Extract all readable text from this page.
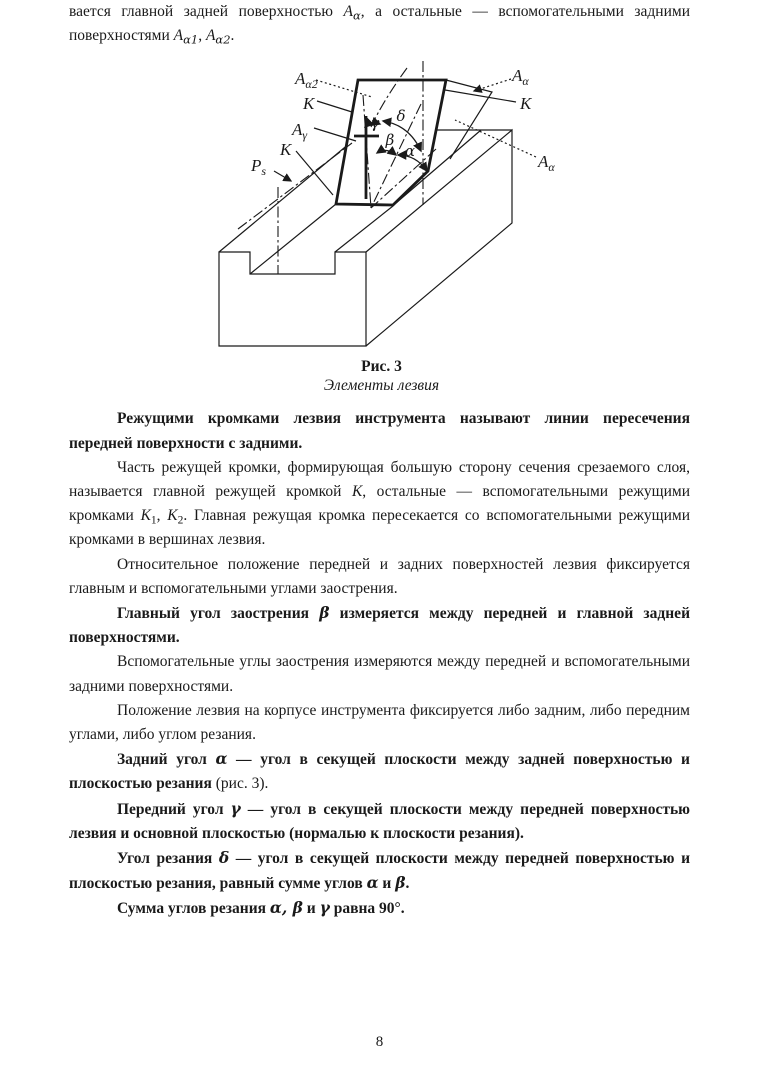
вается главной задней поверхностью $A_\alpha$, а остальные — вспомогательными задними поверхностями $A_{\alpha 1}$, $A_{\alpha 2}$.

$A_{\alpha 2}$
K
$A_\gamma$
K
$P_s$
$A_\alpha$
K
$A_\alpha$
γ δ
β
α
Рис. 3
Элементы лезвия

Режущими кромками лезвия инструмента называют линии пересечения передней поверхности с задними.

Часть режущей кромки, формирующая большую сторону сечения срезаемого слоя, называется главной режущей кромкой К, остальные — вспомогательными режущими кромками $К_1$, $К_2$. Главная режущая кромка пересекается со вспомогательными режущими кромками в вершинах лезвия.

Относительное положение передней и задних поверхностей лезвия фиксируется главным и вспомогательными углами заострения.

Главный угол заострения β измеряется между передней и главной задней поверхностями.

Вспомогательные углы заострения измеряются между передней и вспомогательными задними поверхностями.

Положение лезвия на корпусе инструмента фиксируется либо задним, либо передним углами, либо углом резания.

Задний угол α — угол в секущей плоскости между задней поверхностью и плоскостью резания (рис. 3).

Передний угол γ — угол в секущей плоскости между передней поверхностью лезвия и основной плоскостью (нормалью к плоскости резания).

Угол резания δ — угол в секущей плоскости между передней поверхностью и плоскостью резания, равный сумме углов α и β.

Сумма углов резания α, β и γ равна 90°.

8
